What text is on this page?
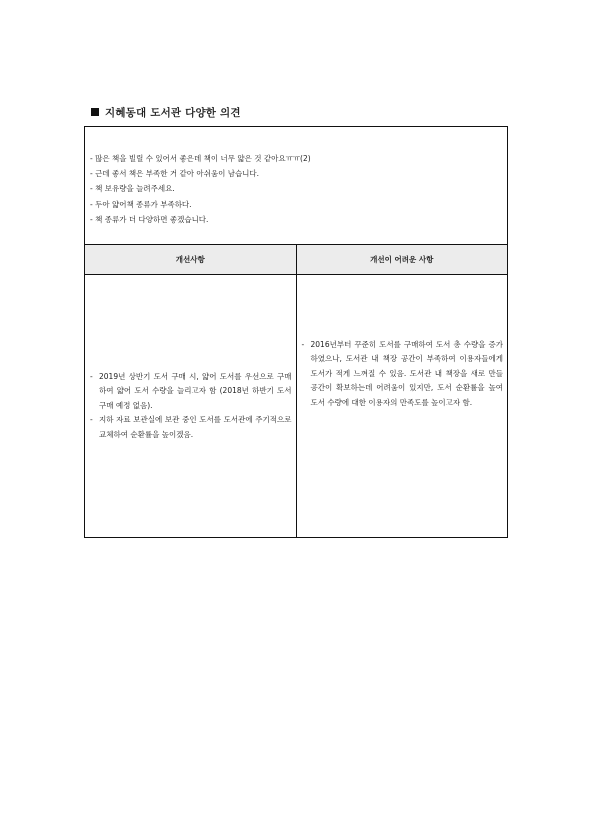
지혜동대 도서관 다양한 의견
- 많은 책을 빌릴 수 있어서 좋은데 책이 너무 얇은 것 같아요ㅠㅠ(2)
- 근데 좋서 책은 부족한 거 같아 아쉬움이 남습니다.
- 책 보유량을 늘려주세요.
- 두아 얇어책 종류가 부족하다.
- 책 종류가 더 다양하면 좋겠습니다.
개선사항	개선이 어려운 사항
- 2019년 상반기 도서 구매 시, 얇어 도서를 우선으로 구매하여 얇어 도서 수량을 늘리고자 함 (2018년 하반기 도서 구매 예정 없음).
- 지하 자료 보관실에 보관 중인 도서를 도서관에 주기적으로 교체하여 순환률을 높이겠음.
- 2016년부터 꾸준히 도서를 구매하여 도서 총 수량을 증가하였으나, 도서관 내 책장 공간이 부족하여 이용자들에게 도서가 적게 느껴질 수 있음. 도서관 내 책장을 새로 만들 공간이 확보하는데 어려움이 있지만, 도서 순환률을 높여 도서 수량에 대한 이용자의 만족도를 높이고자 함.
